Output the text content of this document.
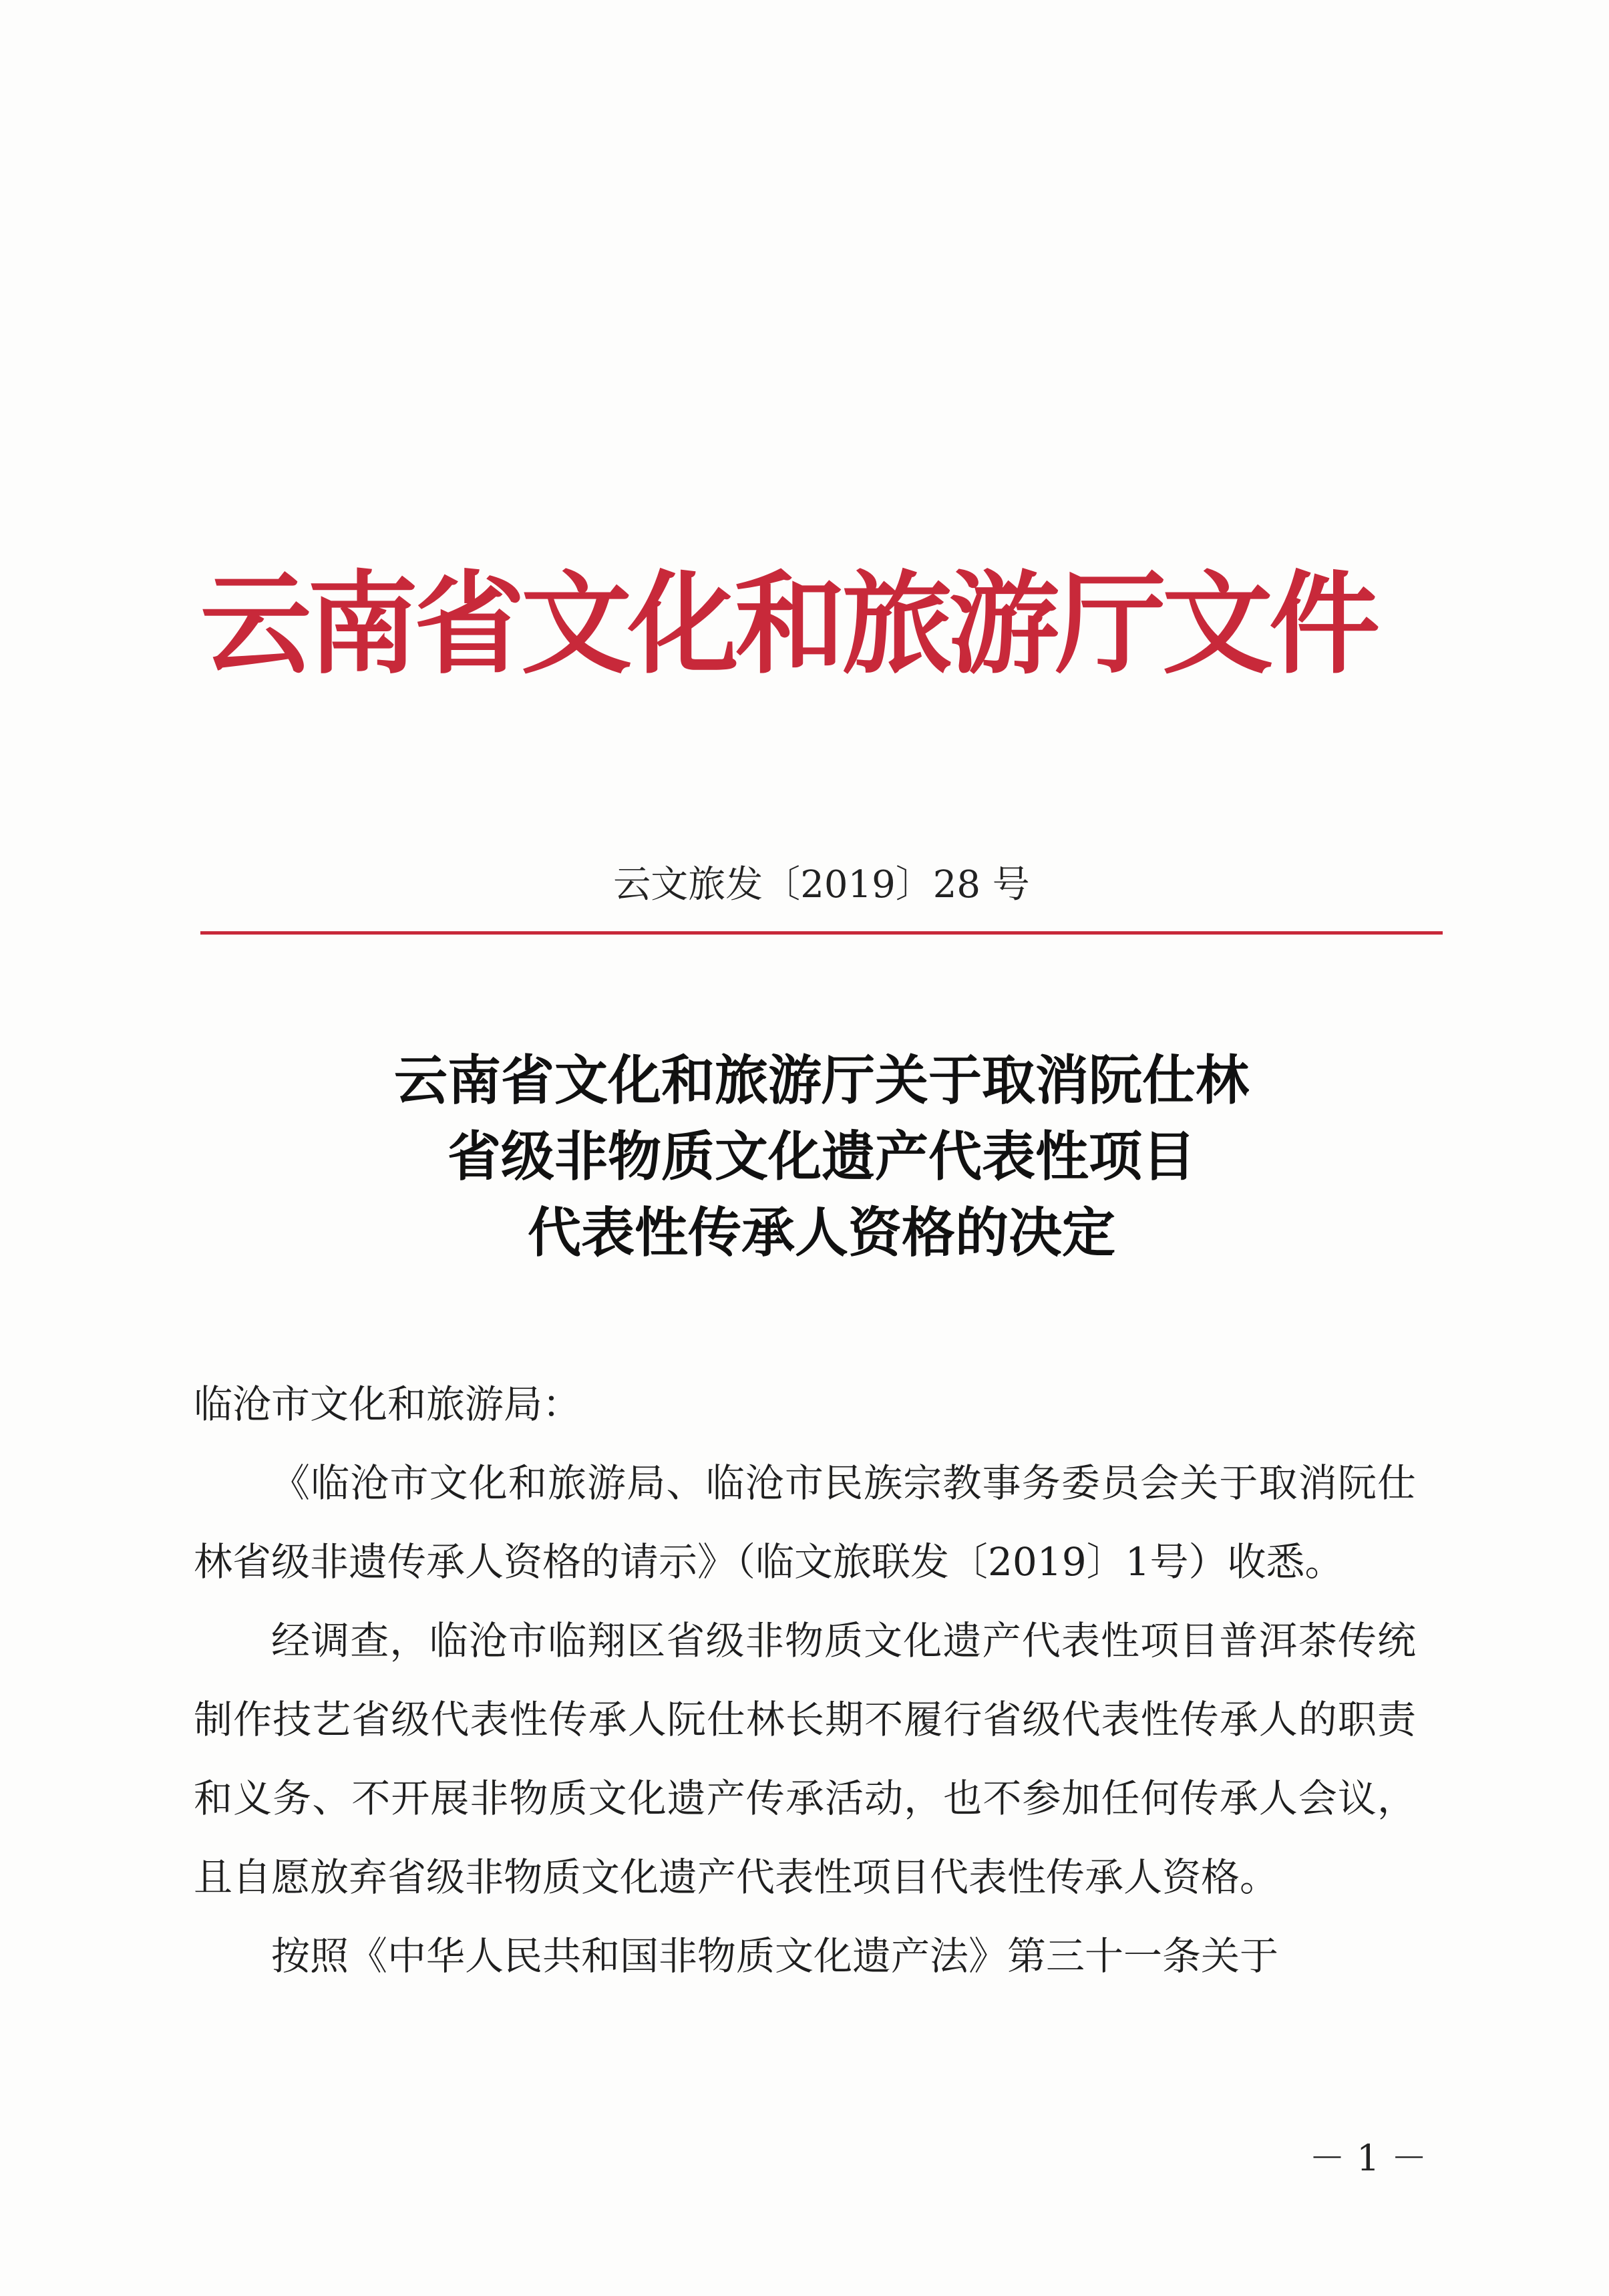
云南省文化和旅游厅文件
云文旅发〔2019〕28 号
云南省文化和旅游厅关于取消阮仕林
省级非物质文化遗产代表性项目
代表性传承人资格的决定

临沧市文化和旅游局：

《临沧市文化和旅游局、临沧市民族宗教事务委员会关于取消阮仕林省级非遗传承人资格的请示》（临文旅联发〔2019〕1号）收悉。

经调查，临沧市临翔区省级非物质文化遗产代表性项目普洱茶传统制作技艺省级代表性传承人阮仕林长期不履行省级代表性传承人的职责和义务、不开展非物质文化遗产传承活动，也不参加任何传承人会议，且自愿放弃省级非物质文化遗产代表性项目代表性传承人资格。

按照《中华人民共和国非物质文化遗产法》第三十一条关于

－ 1 －
